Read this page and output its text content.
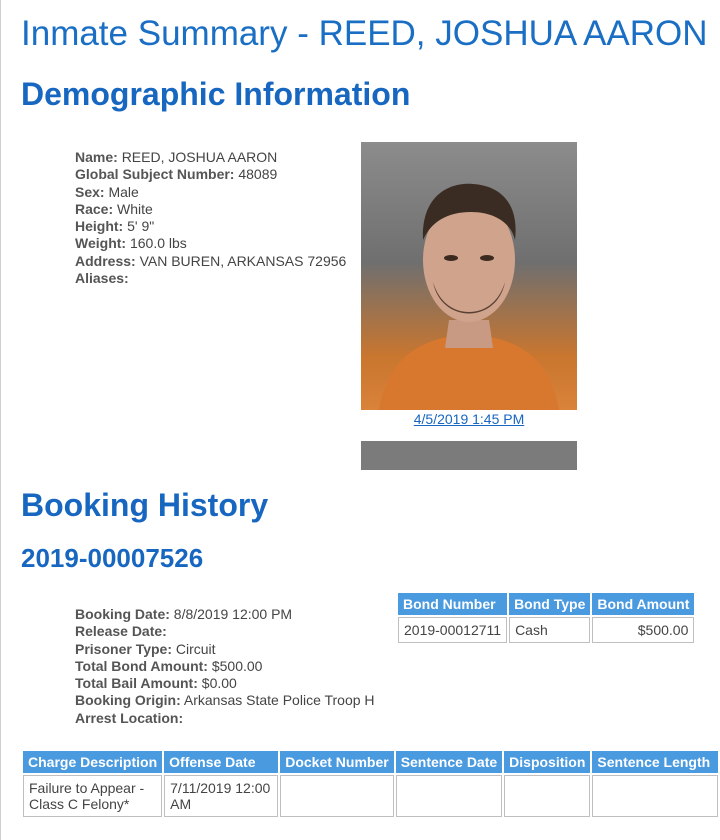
Inmate Summary - REED, JOSHUA AARON
Demographic Information
Name: REED, JOSHUA AARON
Global Subject Number: 48089
Sex: Male
Race: White
Height: 5' 9"
Weight: 160.0 lbs
Address: VAN BUREN, ARKANSAS 72956
Aliases:
4/5/2019 1:45 PM
Booking History
2019-00007526
Bond Number	Bond Type	Bond Amount
2019-00012711	Cash	$500.00
Booking Date: 8/8/2019 12:00 PM
Release Date:
Prisoner Type: Circuit
Total Bond Amount: $500.00
Total Bail Amount: $0.00
Booking Origin: Arkansas State Police Troop H
Arrest Location:
Charge Description	Offense Date	Docket Number	Sentence Date	Disposition	Sentence Length
Failure to Appear - Class C Felony*	7/11/2019 12:00 AM				
